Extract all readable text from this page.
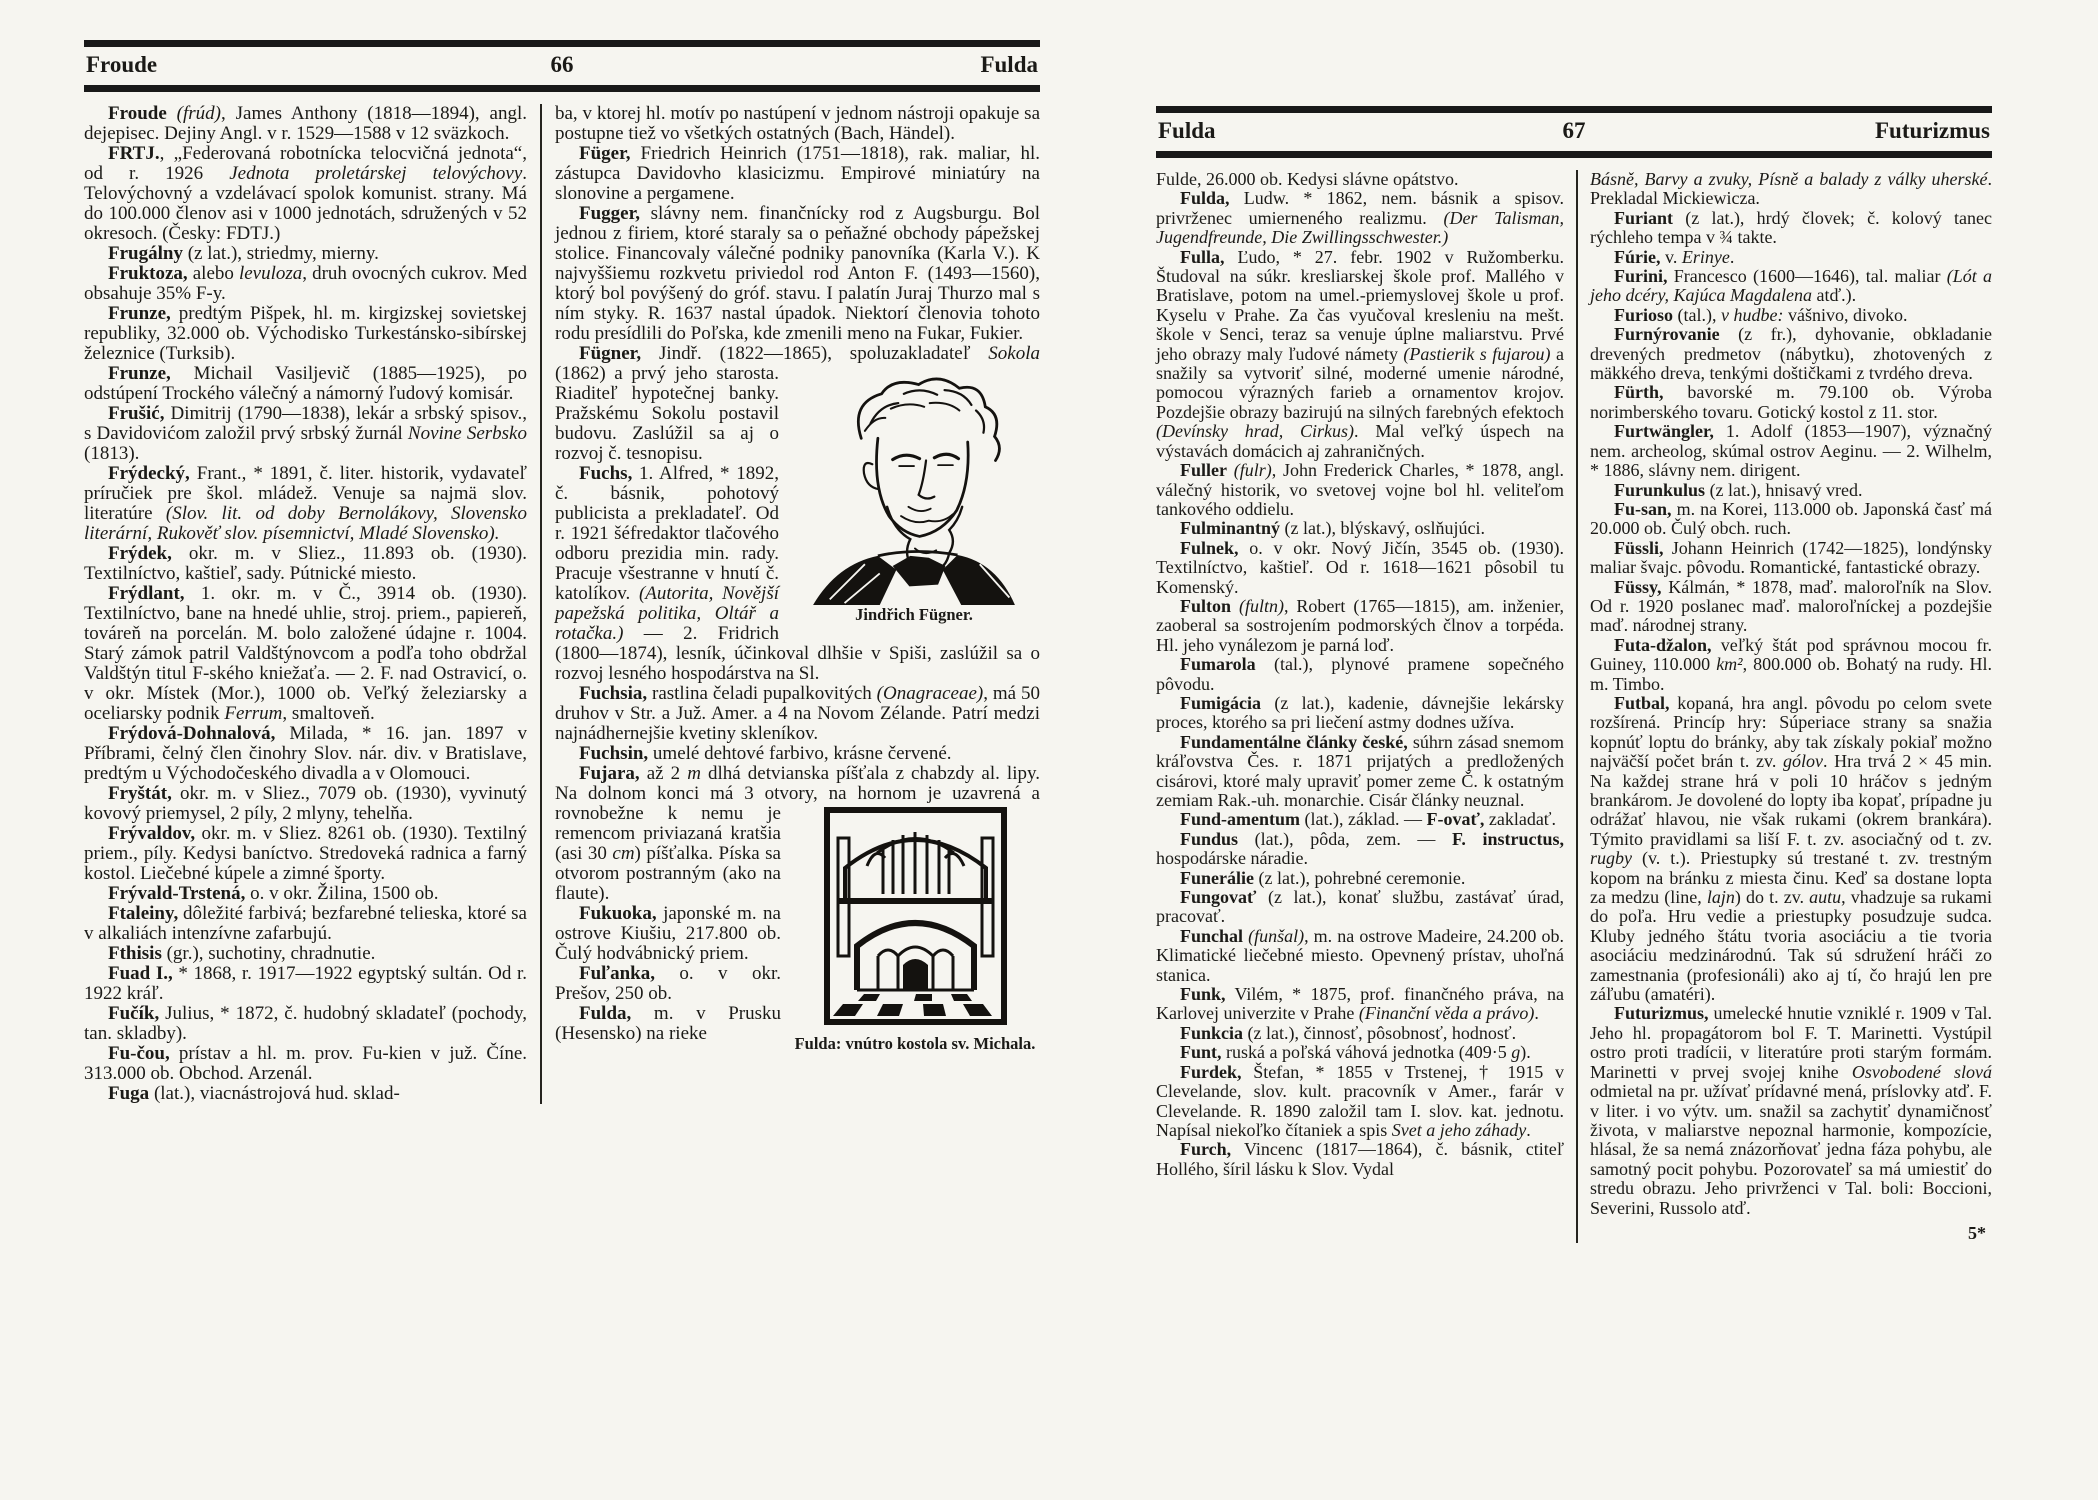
Froude	66	Fulda

Froude (frúd), James Anthony (1818—1894), angl. dejepisec. Dejiny Angl. v r. 1529—1588 v 12 sväzkoch.

FRTJ., „Federovaná robotnícka telocvičná jednota“, od r. 1926 Jednota proletárskej telovýchovy. Telovýchovný a vzdelávací spolok komunist. strany. Má do 100.000 členov asi v 1000 jednotách, sdružených v 52 okresoch. (Česky: FDTJ.)

Frugálny (z lat.), striedmy, mierny.

Fruktoza, alebo levuloza, druh ovocných cukrov. Med obsahuje 35% F-y.

Frunze, predtým Pišpek, hl. m. kirgizskej sovietskej republiky, 32.000 ob. Východisko Turkestánsko-sibírskej železnice (Turksib).

Frunze, Michail Vasiljevič (1885—1925), po odstúpení Trockého válečný a námorný ľudový komisár.

Frušić, Dimitrij (1790—1838), lekár a srbský spisov., s Davidovićom založil prvý srbský žurnál Novine Serbsko (1813).

Frýdecký, Frant., * 1891, č. liter. historik, vydavateľ príručiek pre škol. mládež. Venuje sa najmä slov. literatúre (Slov. lit. od doby Bernolákovy, Slovensko literární, Rukověť slov. písemnictví, Mladé Slovensko).

Frýdek, okr. m. v Sliez., 11.893 ob. (1930). Textilníctvo, kaštieľ, sady. Pútnické miesto.

Frýdlant, 1. okr. m. v Č., 3914 ob. (1930). Textilníctvo, bane na hnedé uhlie, stroj. priem., papiereň, továreň na porcelán. M. bolo založené údajne r. 1004. Starý zámok patril Valdštýnovcom a podľa toho obdržal Valdštýn titul F-ského kniežaťa. — 2. F. nad Ostravicí, o. v okr. Místek (Mor.), 1000 ob. Veľký železiarsky a oceliarsky podnik Ferrum, smaltoveň.

Frýdová-Dohnalová, Milada, * 16. jan. 1897 v Příbrami, čelný člen činohry Slov. nár. div. v Bratislave, predtým u Východočeského divadla a v Olomouci.

Fryštát, okr. m. v Sliez., 7079 ob. (1930), vyvinutý kovový priemysel, 2 píly, 2 mlyny, tehelňa.

Frývaldov, okr. m. v Sliez. 8261 ob. (1930). Textilný priem., píly. Kedysi baníctvo. Stredoveká radnica a farný kostol. Liečebné kúpele a zimné športy.

Frývald-Trstená, o. v okr. Žilina, 1500 ob.

Ftaleiny, dôležité farbivá; bezfarebné telieska, ktoré sa v alkaliách intenzívne zafarbujú.

Fthisis (gr.), suchotiny, chradnutie.

Fuad I., * 1868, r. 1917—1922 egyptský sultán. Od r. 1922 kráľ.

Fučík, Julius, * 1872, č. hudobný skladateľ (pochody, tan. skladby).

Fu-čou, prístav a hl. m. prov. Fu-kien v juž. Číne. 313.000 ob. Obchod. Arzenál.

Fuga (lat.), viacnástrojová hud. sklad-

ba, v ktorej hl. motív po nastúpení v jednom nástroji opakuje sa postupne tiež vo všetkých ostatných (Bach, Händel).

Füger, Friedrich Heinrich (1751—1818), rak. maliar, hl. zástupca Davidovho klasicizmu. Empirové miniatúry na slonovine a pergamene.

Fugger, slávny nem. finančnícky rod z Augsburgu. Bol jednou z firiem, ktoré staraly sa o peňažné obchody pápežskej stolice. Financovaly válečné podniky panovníka (Karla V.). K najvyššiemu rozkvetu priviedol rod Anton F. (1493—1560), ktorý bol povýšený do gróf. stavu. I palatín Juraj Thurzo mal s ním styky. R. 1637 nastal úpadok. Niektorí členovia tohoto rodu presídlili do Poľska, kde zmenili meno na Fukar, Fukier.

Fügner, Jindř. (1822—1865), spoluzakladateľ
Jindřich Fügner.
Sokola (1862) a prvý jeho starosta. Riaditeľ hypotečnej banky. Pražskému Sokolu postavil budovu. Zaslúžil sa aj o rozvoj č. tesnopisu.

Fuchs, 1. Alfred, * 1892, č. básnik, pohotový publicista a prekladateľ. Od r. 1921 šéfredaktor tlačového odboru prezidia min. rady. Pracuje všestranne v hnutí č. katolíkov. (Autorita, Novější papežská politika, Oltář a rotačka.) — 2. Fridrich (1800—1874), lesník, účinkoval dlhšie v Spiši, zaslúžil sa o rozvoj lesného hospodárstva na Sl.

Fuchsia, rastlina čeladi pupalkovitých (Onagraceae), má 50 druhov v Str. a Juž. Amer. a 4 na Novom Zélande. Patrí medzi najnádhernejšie kvetiny skleníkov.

Fuchsin, umelé dehtové farbivo, krásne červené.

Fujara, až 2 m dlhá detvianska píšťala z chabzdy al. lipy. Na dolnom konci má 3 otvory, na hornom je uzavrená a rovnobežne
Fulda: vnútro kostola sv. Michala.
k nemu je remencom priviazaná kratšia (asi 30 cm) píšťalka. Píska sa otvorom postranným (ako na flaute).

Fukuoka, japonské m. na ostrove Kiušiu, 217.800 ob. Čulý hodvábnický priem.

Fuľanka, o. v okr. Prešov, 250 ob.

Fulda, m. v Prusku (Hesensko) na rieke

Fulda	67	Futurizmus

Fulde, 26.000 ob. Kedysi slávne opátstvo.

Fulda, Ludw. * 1862, nem. básnik a spisov. privrženec umierneného realizmu. (Der Talisman, Jugendfreunde, Die Zwillingsschwester.)

Fulla, Ľudo, * 27. febr. 1902 v Ružomberku. Študoval na súkr. kresliarskej škole prof. Mallého v Bratislave, potom na umel.-priemyslovej škole u prof. Kyselu v Prahe. Za čas vyučoval kresleniu na mešt. škole v Senci, teraz sa venuje úplne maliarstvu. Prvé jeho obrazy maly ľudové námety (Pastierik s fujarou) a snažily sa vytvoriť silné, moderné umenie národné, pomocou výrazných farieb a ornamentov krojov. Pozdejšie obrazy bazirujú na silných farebných efektoch (Devínsky hrad, Cirkus). Mal veľký úspech na výstavách domácich aj zahraničných.

Fuller (fulr), John Frederick Charles, * 1878, angl. válečný historik, vo svetovej vojne bol hl. veliteľom tankového oddielu.

Fulminantný (z lat.), blýskavý, oslňujúci.

Fulnek, o. v okr. Nový Jičín, 3545 ob. (1930). Textilníctvo, kaštieľ. Od r. 1618—1621 pôsobil tu Komenský.

Fulton (fultn), Robert (1765—1815), am. inženier, zaoberal sa sostrojením podmorských člnov a torpéda. Hl. jeho vynálezom je parná loď.

Fumarola (tal.), plynové pramene sopečného pôvodu.

Fumigácia (z lat.), kadenie, dávnejšie lekársky proces, ktorého sa pri liečení astmy dodnes užíva.

Fundamentálne články české, súhrn zásad snemom kráľovstva Čes. r. 1871 prijatých a predložených cisárovi, ktoré maly upraviť pomer zeme Č. k ostatným zemiam Rak.-uh. monarchie. Cisár články neuznal.

Fund-amentum (lat.), základ. — F-ovať, zakladať.

Fundus (lat.), pôda, zem. — F. instructus, hospodárske náradie.

Funerálie (z lat.), pohrebné ceremonie.

Fungovať (z lat.), konať službu, zastávať úrad, pracovať.

Funchal (funšal), m. na ostrove Madeire, 24.200 ob. Klimatické liečebné miesto. Opevnený prístav, uhoľná stanica.

Funk, Vilém, * 1875, prof. finančného práva, na Karlovej univerzite v Prahe (Finanční věda a právo).

Funkcia (z lat.), činnosť, pôsobnosť, hodnosť.

Funt, ruská a poľská váhová jednotka (409·5 g).

Furdek, Štefan, * 1855 v Trstenej, † 1915 v Clevelande, slov. kult. pracovník v Amer., farár v Clevelande. R. 1890 založil tam I. slov. kat. jednotu. Napísal niekoľko čítaniek a spis Svet a jeho záhady.

Furch, Vincenc (1817—1864), č. básnik, ctiteľ Hollého, šíril lásku k Slov. Vydal

Básně, Barvy a zvuky, Písně a balady z války uherské. Prekladal Mickiewicza.

Furiant (z lat.), hrdý človek; č. kolový tanec rýchleho tempa v ¾ takte.

Fúrie, v. Erinye.

Furini, Francesco (1600—1646), tal. maliar (Lót a jeho dcéry, Kajúca Magdalena atď.).

Furioso (tal.), v hudbe: vášnivo, divoko.

Furnýrovanie (z fr.), dyhovanie, obkladanie drevených predmetov (nábytku), zhotovených z mäkkého dreva, tenkými doštičkami z tvrdého dreva.

Fürth, bavorské m. 79.100 ob. Výroba norimberského tovaru. Gotický kostol z 11. stor.

Furtwängler, 1. Adolf (1853—1907), význačný nem. archeolog, skúmal ostrov Aeginu. — 2. Wilhelm, * 1886, slávny nem. dirigent.

Furunkulus (z lat.), hnisavý vred.

Fu-san, m. na Korei, 113.000 ob. Japonská časť má 20.000 ob. Čulý obch. ruch.

Füssli, Johann Heinrich (1742—1825), londýnsky maliar švajc. pôvodu. Romantické, fantastické obrazy.

Füssy, Kálmán, * 1878, maď. maloroľník na Slov. Od r. 1920 poslanec maď. maloroľníckej a pozdejšie maď. národnej strany.

Futa-džalon, veľký štát pod správnou mocou fr. Guiney, 110.000 km², 800.000 ob. Bohatý na rudy. Hl. m. Timbo.

Futbal, kopaná, hra angl. pôvodu po celom svete rozšírená. Princíp hry: Súperiace strany sa snažia kopnúť loptu do bránky, aby tak získaly pokiaľ možno najväčší počet brán t. zv. gólov. Hra trvá 2 × 45 min. Na každej strane hrá v poli 10 hráčov s jedným brankárom. Je dovolené do lopty iba kopať, prípadne ju odrážať hlavou, nie však rukami (okrem brankára). Týmito pravidlami sa liší F. t. zv. asociačný od t. zv. rugby (v. t.). Priestupky sú trestané t. zv. trestným kopom na bránku z miesta činu. Keď sa dostane lopta za medzu (line, lajn) do t. zv. autu, vhadzuje sa rukami do poľa. Hru vedie a priestupky posudzuje sudca. Kluby jedného štátu tvoria asociáciu a tie tvoria asociáciu medzinárodnú. Tak sú sdružení hráči zo zamestnania (profesionáli) ako aj tí, čo hrajú len pre záľubu (amatéri).

Futurizmus, umelecké hnutie vzniklé r. 1909 v Tal. Jeho hl. propagátorom bol F. T. Marinetti. Vystúpil ostro proti tradícii, v literatúre proti starým formám. Marinetti v prvej svojej knihe Osvobodené slová odmietal na pr. užívať prídavné mená, príslovky atď. F. v liter. i vo výtv. um. snažil sa zachytiť dynamičnosť života, v maliarstve nepoznal harmonie, kompozície, hlásal, že sa nemá znázorňovať jedna fáza pohybu, ale samotný pocit pohybu. Pozorovateľ sa má umiestiť do stredu obrazu. Jeho privrženci v Tal. boli: Boccioni, Severini, Russolo atď.

5*
